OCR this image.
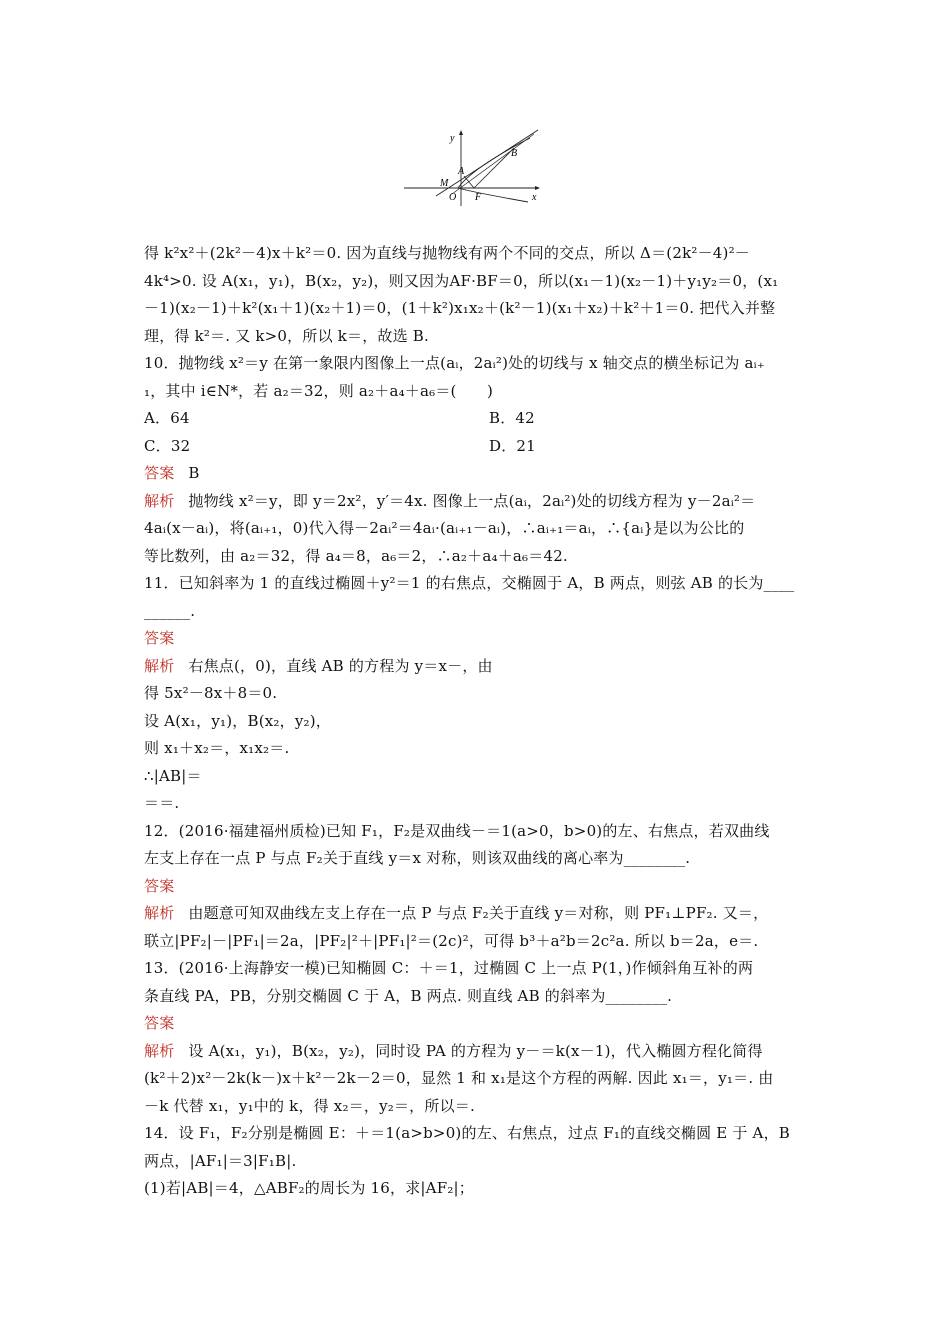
y
x
O
M
A
B
F
得 k²x²＋(2k²－4)x＋k²＝0. 因为直线与抛物线有两个不同的交点，所以 Δ＝(2k²－4)²－
4k⁴>0. 设 A(x₁，y₁)，B(x₂，y₂)，则又因为AF·BF＝0，所以(x₁－1)(x₂－1)＋y₁y₂＝0，(x₁
－1)(x₂－1)＋k²(x₁＋1)(x₂＋1)＝0，(1＋k²)x₁x₂＋(k²－1)(x₁＋x₂)＋k²＋1＝0. 把代入并整
理，得 k²＝. 又 k>0，所以 k＝，故选 B.
10．抛物线 x²＝y 在第一象限内图像上一点(aᵢ，2aᵢ²)处的切线与 x 轴交点的横坐标记为 aᵢ₊
₁，其中 i∈N*，若 a₂＝32，则 a₂＋a₄＋a₆＝(　　)
A．64	B．42
C．32	D．21
答案 B
解析 抛物线 x²＝y，即 y＝2x²，y′＝4x. 图像上一点(aᵢ，2aᵢ²)处的切线方程为 y－2aᵢ²＝
4aᵢ(x－aᵢ)，将(aᵢ₊₁，0)代入得－2aᵢ²＝4aᵢ·(aᵢ₊₁－aᵢ)，∴aᵢ₊₁＝aᵢ，∴{aᵢ}是以为公比的
等比数列，由 a₂＝32，得 a₄＝8，a₆＝2，∴a₂＋a₄＋a₆＝42.
11．已知斜率为 1 的直线过椭圆＋y²＝1 的右焦点，交椭圆于 A，B 两点，则弦 AB 的长为____
______.
答案
解析 右焦点(，0)，直线 AB 的方程为 y＝x－，由
得 5x²－8x＋8＝0.
设 A(x₁，y₁)，B(x₂，y₂)，
则 x₁＋x₂＝，x₁x₂＝.
∴|AB|＝
＝＝.
12．(2016·福建福州质检)已知 F₁，F₂是双曲线－＝1(a>0，b>0)的左、右焦点，若双曲线
左支上存在一点 P 与点 F₂关于直线 y＝x 对称，则该双曲线的离心率为________.
答案
解析 由题意可知双曲线左支上存在一点 P 与点 F₂关于直线 y＝对称，则 PF₁⊥PF₂. 又＝，
联立|PF₂|－|PF₁|＝2a，|PF₂|²＋|PF₁|²＝(2c)²，可得 b³＋a²b＝2c²a. 所以 b＝2a，e＝.
13．(2016·上海静安一模)已知椭圆 C：＋＝1，过椭圆 C 上一点 P(1，)作倾斜角互补的两
条直线 PA，PB，分别交椭圆 C 于 A，B 两点. 则直线 AB 的斜率为________.
答案
解析 设 A(x₁，y₁)，B(x₂，y₂)，同时设 PA 的方程为 y－＝k(x－1)，代入椭圆方程化简得
(k²＋2)x²－2k(k－)x＋k²－2k－2＝0，显然 1 和 x₁是这个方程的两解. 因此 x₁＝，y₁＝. 由
－k 代替 x₁，y₁中的 k，得 x₂＝，y₂＝，所以＝.
14．设 F₁，F₂分别是椭圆 E：＋＝1(a>b>0)的左、右焦点，过点 F₁的直线交椭圆 E 于 A，B
两点，|AF₁|＝3|F₁B|.
(1)若|AB|＝4，△ABF₂的周长为 16，求|AF₂|；
